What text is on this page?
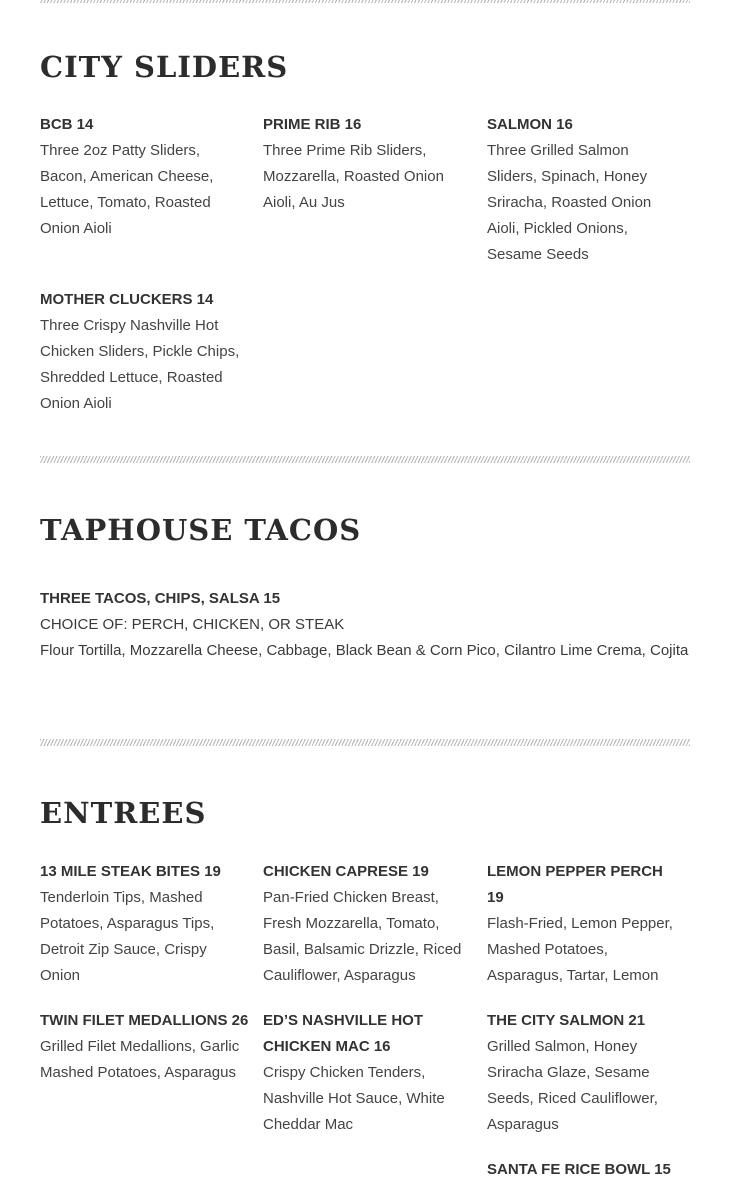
CITY SLIDERS
BCB 14
Three 2oz Patty Sliders, Bacon, American Cheese, Lettuce, Tomato, Roasted Onion Aioli
PRIME RIB 16
Three Prime Rib Sliders, Mozzarella, Roasted Onion Aioli, Au Jus
SALMON 16
Three Grilled Salmon Sliders, Spinach, Honey Sriracha, Roasted Onion Aioli, Pickled Onions, Sesame Seeds
MOTHER CLUCKERS 14
Three Crispy Nashville Hot Chicken Sliders, Pickle Chips, Shredded Lettuce, Roasted Onion Aioli
TAPHOUSE TACOS
THREE TACOS, CHIPS, SALSA 15
CHOICE OF: PERCH, CHICKEN, OR STEAK
Flour Tortilla, Mozzarella Cheese, Cabbage, Black Bean & Corn Pico, Cilantro Lime Crema, Cojita
ENTREES
13 MILE STEAK BITES 19
Tenderloin Tips, Mashed Potatoes, Asparagus Tips, Detroit Zip Sauce, Crispy Onion
TWIN FILET MEDALLIONS 26
Grilled Filet Medallions, Garlic Mashed Potatoes, Asparagus
CHICKEN CAPRESE 19
Pan-Fried Chicken Breast, Fresh Mozzarella, Tomato, Basil, Balsamic Drizzle, Riced Cauliflower, Asparagus
ED’S NASHVILLE HOT CHICKEN MAC 16
Crispy Chicken Tenders, Nashville Hot Sauce, White Cheddar Mac
LEMON PEPPER PERCH 19
Flash-Fried, Lemon Pepper, Mashed Potatoes, Asparagus, Tartar, Lemon
THE CITY SALMON 21
Grilled Salmon, Honey Sriracha Glaze, Sesame Seeds, Riced Cauliflower, Asparagus
SANTA FE RICE BOWL 15
